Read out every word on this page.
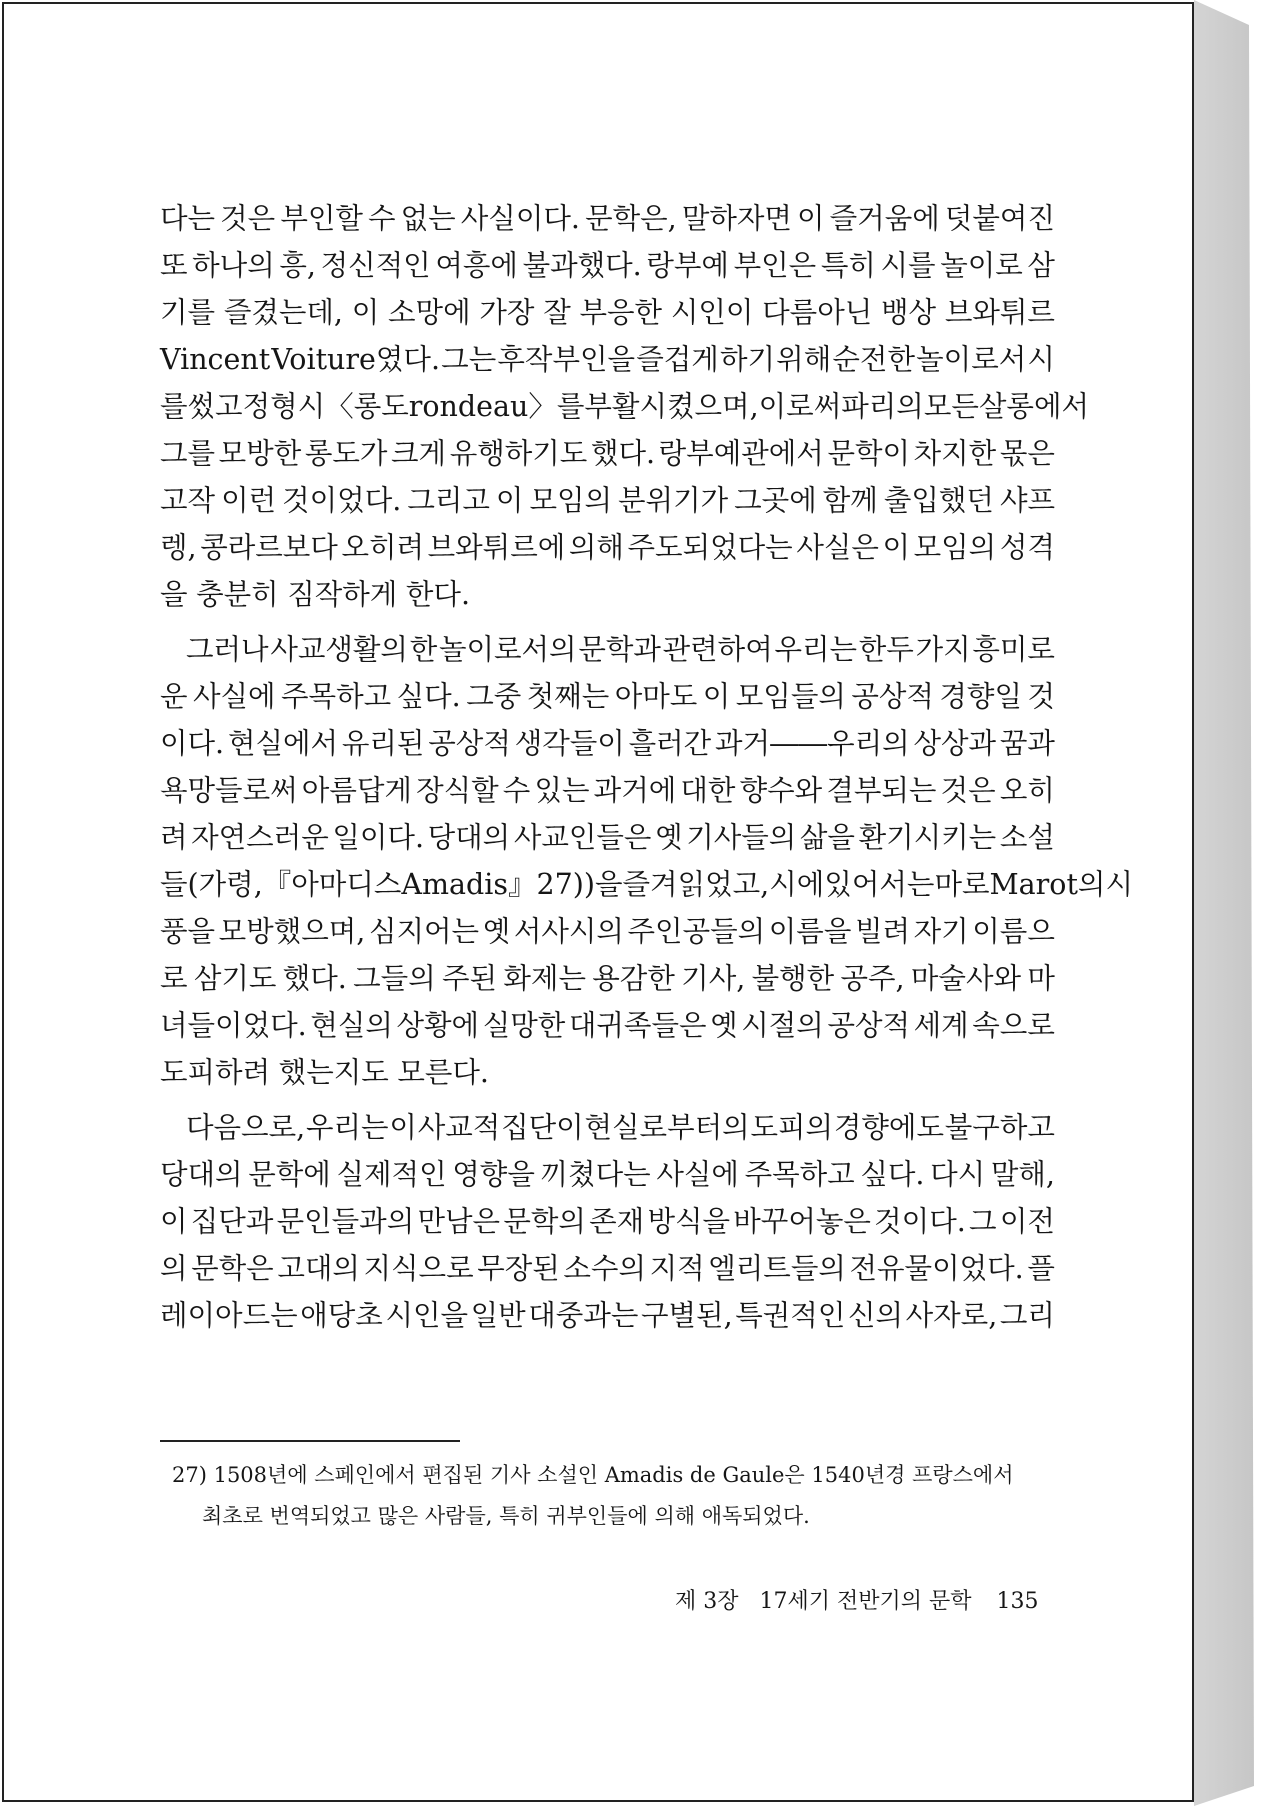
다는 것은 부인할 수 없는 사실이다. 문학은, 말하자면 이 즐거움에 덧붙여진
또 하나의 흥, 정신적인 여흥에 불과했다. 랑부예 부인은 특히 시를 놀이로 삼
기를 즐겼는데, 이 소망에 가장 잘 부응한 시인이 다름아닌 뱅상 브와튀르
Vincent Voiture였다. 그는 후작부인을 즐겁게 하기 위해 순전한 놀이로서 시
를 썼고 정형시 〈롱도rondeau〉를 부활시켰으며, 이로써 파리의 모든 살롱에서
그를 모방한 롱도가 크게 유행하기도 했다. 랑부예관에서 문학이 차지한 몫은
고작 이런 것이었다. 그리고 이 모임의 분위기가 그곳에 함께 출입했던 샤프
렝, 콩라르보다 오히려 브와튀르에 의해 주도되었다는 사실은 이 모임의 성격
을 충분히 짐작하게 한다.
그러나 사교생활의 한 놀이로서의 문학과 관련하여 우리는 한두 가지 흥미로
운 사실에 주목하고 싶다. 그중 첫째는 아마도 이 모임들의 공상적 경향일 것
이다. 현실에서 유리된 공상적 생각들이 흘러간 과거――우리의 상상과 꿈과
욕망들로써 아름답게 장식할 수 있는 과거에 대한 향수와 결부되는 것은 오히
려 자연스러운 일이다. 당대의 사교인들은 옛 기사들의 삶을 환기시키는 소설
들(가령, 『아마디스Amadis』27))을 즐겨 읽었고, 시에 있어서는 마로Marot의 시
풍을 모방했으며, 심지어는 옛 서사시의 주인공들의 이름을 빌려 자기 이름으
로 삼기도 했다. 그들의 주된 화제는 용감한 기사, 불행한 공주, 마술사와 마
녀들이었다. 현실의 상황에 실망한 대귀족들은 옛 시절의 공상적 세계 속으로
도피하려 했는지도 모른다.
다음으로, 우리는 이 사교적 집단이 현실로부터의 도피의 경향에도 불구하고
당대의 문학에 실제적인 영향을 끼쳤다는 사실에 주목하고 싶다. 다시 말해,
이 집단과 문인들과의 만남은 문학의 존재 방식을 바꾸어놓은 것이다. 그 이전
의 문학은 고대의 지식으로 무장된 소수의 지적 엘리트들의 전유물이었다. 플
레이아드는 애당초 시인을 일반 대중과는 구별된, 특권적인 신의 사자로, 그리
27) 1508년에 스페인에서 편집된 기사 소설인 Amadis de Gaule은 1540년경 프랑스에서
최초로 번역되었고 많은 사람들, 특히 귀부인들에 의해 애독되었다.
제 3장 17세기 전반기의 문학 135
